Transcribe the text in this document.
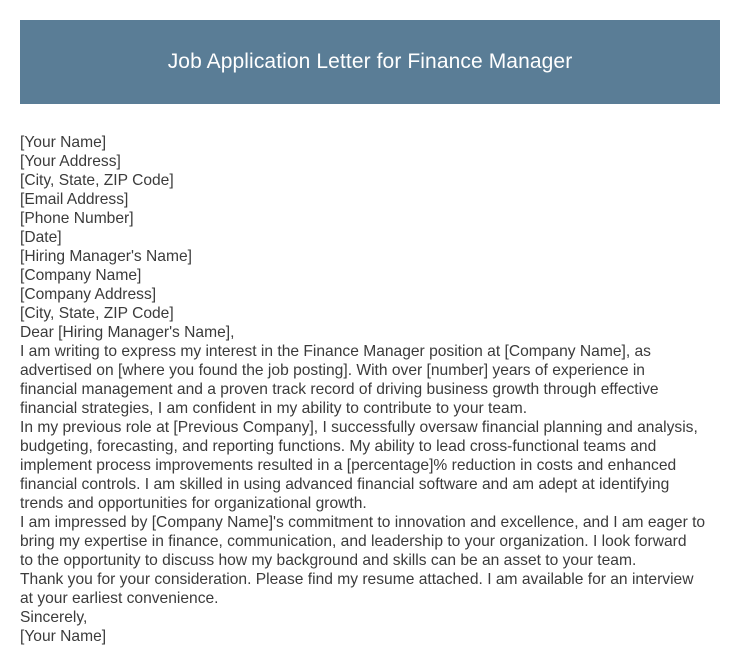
Job Application Letter for Finance Manager
[Your Name]
[Your Address]
[City, State, ZIP Code]
[Email Address]
[Phone Number]
[Date]
[Hiring Manager's Name]
[Company Name]
[Company Address]
[City, State, ZIP Code]
Dear [Hiring Manager's Name],
I am writing to express my interest in the Finance Manager position at [Company Name], as
advertised on [where you found the job posting]. With over [number] years of experience in
financial management and a proven track record of driving business growth through effective
financial strategies, I am confident in my ability to contribute to your team.
In my previous role at [Previous Company], I successfully oversaw financial planning and analysis,
budgeting, forecasting, and reporting functions. My ability to lead cross-functional teams and
implement process improvements resulted in a [percentage]% reduction in costs and enhanced
financial controls. I am skilled in using advanced financial software and am adept at identifying
trends and opportunities for organizational growth.
I am impressed by [Company Name]'s commitment to innovation and excellence, and I am eager to
bring my expertise in finance, communication, and leadership to your organization. I look forward
to the opportunity to discuss how my background and skills can be an asset to your team.
Thank you for your consideration. Please find my resume attached. I am available for an interview
at your earliest convenience.
Sincerely,
[Your Name]
